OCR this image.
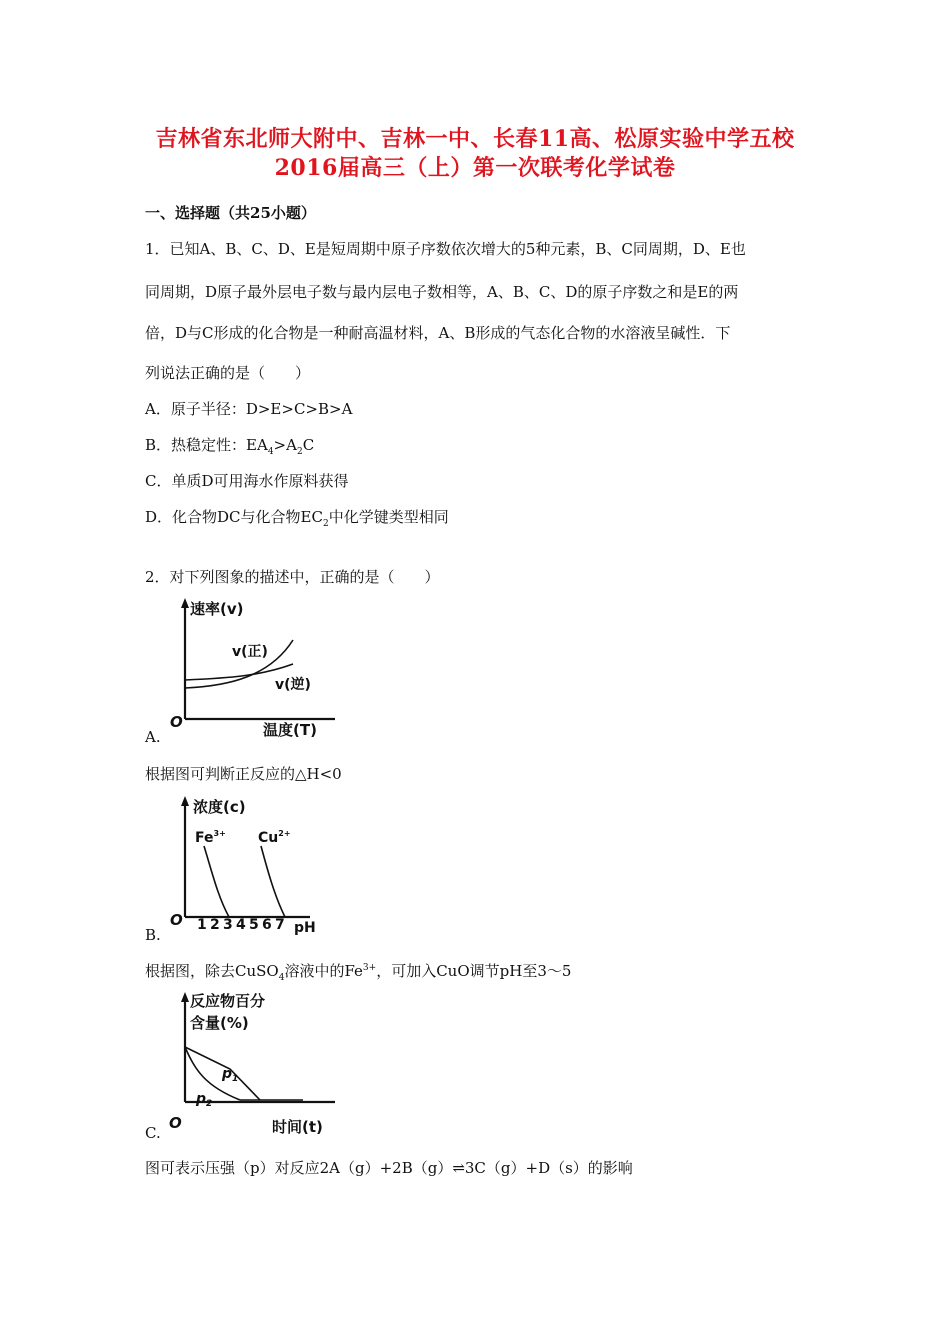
吉林省东北师大附中、吉林一中、长春11高、松原实验中学五校
2016届高三（上）第一次联考化学试卷
一、选择题（共25小题）
1．已知A、B、C、D、E是短周期中原子序数依次增大的5种元素，B、C同周期，D、E也
同周期，D原子最外层电子数与最内层电子数相等，A、B、C、D的原子序数之和是E的两
倍，D与C形成的化合物是一种耐高温材料，A、B形成的气态化合物的水溶液呈碱性．下
列说法正确的是（　　）
A．原子半径：D>E>C>B>A
B．热稳定性：$EA_4>A_2C$
C．单质D可用海水作原料获得
D．化合物DC与化合物$EC_2$中化学键类型相同
2．对下列图象的描述中，正确的是（　　）
速率(v)
O	温度(T)
v(正)
v(逆)
A.
根据图可判断正反应的△H<0
浓度(c)
O	pH
1 2 3 4 5 6 7
$Fe^{3+}$ $Cu^{2+}$
B.
根据图，除去CuSO$_4$溶液中的$Fe^{3+}$，可加入CuO调节pH至3～5
反应物百分
含量(%)
O	时间(t)
$p_1$
$p_2$
C.
图可表示压强（p）对反应2A（g）+2B（g）⇌3C（g）+D（s）的影响
